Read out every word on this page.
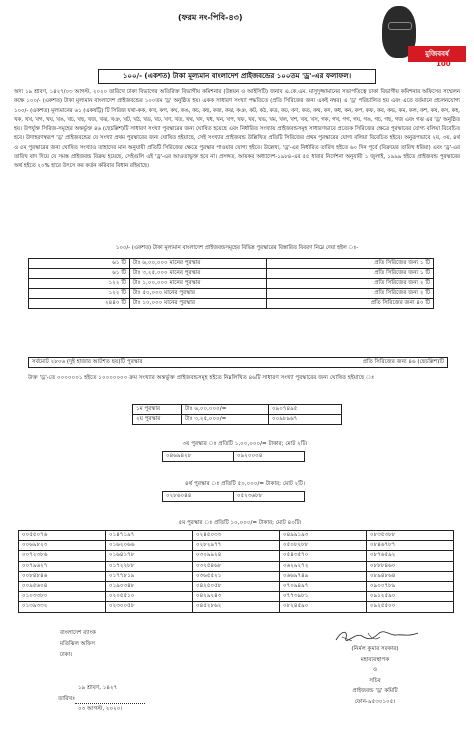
(ফরম নং-পিবি-৪৩)
মুজিববর্ষ
100
১০০/- (একশত) টাকা মূল্যমান বাংলাদেশ প্রাইজবন্ডের ১০০তম 'ড্র'-এর ফলাফল।
অদ্য ১৯ শ্রাবণ, ১৪২৭/০৩ আগস্ট, ২০২০ তারিখে ঢাকা বিভাগের অতিরিক্ত বিভাগীয় কমিশনার (উন্নয়ন ও আইসিটি) জনাব এ.কে.এম. মাসুদুজ্জামানের সভাপতিত্বে ঢাকা বিভাগীয় কমিশনার অফিসের সম্মেলন কক্ষে ১০০/- (একশত) টাকা মূল্যমান বাংলাদেশ প্রাইজবন্ডের ১০০তম 'ড্র' অনুষ্ঠিত হয়। একক সাধারণ সংখ্যা পদ্ধতিতে (প্রতি সিরিজের জন্য একই নম্বর) এ 'ড্র' পরিচালিত হয় এবং এতে বর্তমানে প্রচলনযোগ্য ১০০/- (একশত) মূল্যমানের ৬১ (একষট্টি) টি সিরিজ যথা-কক, কখ, কগ, কঘ, কঙ, কচ, কছ, কজ, কঝ, কঞ, কট, কঠ, কড, কঢ, কণ, কত, কথ, কদ, কধ, কন, কপ, কফ, কব, কভ, কম, কল, কশ, কষ, কস, কহ, খক, খখ, খগ, খঘ, খঙ, খচ, খছ, খজ, খঝ, খঞ, খট, খঠ, খড, খঢ, খণ, খত, খথ, খদ, খধ, খন, খপ, খফ, খব, খভ, খম, খল, খশ, খষ, খস, গক, গখ, গগ, গঘ, গঙ, গচ, গছ, গজ এবং গঝ এর 'ড্র' অনুষ্ঠিত হয়। উপর্যুক্ত সিরিজ-সমূহের অন্তর্ভুক্ত ৪৬ (ছেচল্লিশ)টি সাধারণ সংখ্যা পুরস্কারের জন্য ঘোষিত হয়েছে এবং নির্ধারিত সংখ্যায় প্রাইজবন্ডসমূহ সাধারণভাবে প্রত্যেক সিরিজের ক্ষেত্রে পুরস্কারের যোগ্য বলিয়া বিবেচিত হবে। উদাহরণস্বরূপ 'ড্র' প্রাইজবন্ডের যে সংখ্যা প্রথম পুরস্কারের জন্য ঘোষিত হইয়াছে, সেই সংখ্যার প্রাইজবন্ড উল্লিখিত প্রতিটি সিরিজের প্রথম পুরস্কারের যোগ্য বলিয়া বিবেচিত হইবে। অনুরূপভাবে ২য়, ৩য়, ৪র্থ ও ৫ম পুরস্কারের জন্য ঘোষিত সংখ্যাও তাহাদের মান অনুযায়ী প্রতিটি সিরিজের ক্ষেত্রে পুরস্কার পাওয়ার যোগ্য হইবে। উল্লেখ্য, 'ড্র'-এর নির্ধারিত তারিখ হইতে ৬০ দিন পূর্বে (বিক্রয়ের তারিখ ধরিয়া) এবং 'ড্র'-এর তারিখ বাদ দিয়ে যে সমস্ত প্রাইজবন্ড বিক্রয় হয়েছে, সেইগুলি এই 'ড্র'-এর আওতাভুক্ত হবে না। প্রসঙ্গত, আয়কর অধ্যাদেশ-১৯৮৪-এর ৫৫ ধারার নির্দেশনা অনুযায়ী ১ জুলাই, ১৯৯৯ হইতে প্রাইজবন্ড পুরস্কারের অর্থ হইতে ২০% হারে উৎসে কর কর্তন করিবার বিধান রহিয়াছে।
১০০/- (একশত) টাকা মূল্যমান বাংলাদেশ প্রাইজবন্ডসমূহের বিভিন্ন পুরস্কারের বিস্তারিত বিবরণ নিম্নে দেয়া হইল ঃ-
৬১ টি	টাঃ ৬,০০,০০০ মানের পুরস্কার	প্রতি সিরিজের জন্য ১ টি
৬১ টি	টাঃ ৩,২৫,০০০ মানের পুরস্কার	প্রতি সিরিজের জন্য ১ টি
১২২ টি	টাঃ ১,০০,০০০ মানের পুরস্কার	প্রতি সিরিজের জন্য ২ টি
১২২ টি	টাঃ ৫০,০০০ মানের পুরস্কার	প্রতি সিরিজের জন্য ২ টি
২৪৪০ টি	টাঃ ১০,০০০ মানের পুরস্কার	প্রতি সিরিজের জন্য ৪০ টি
সর্বমোট ২৮০৬ (দুই হাজার আটশত ছয়)টি পুরস্কার	প্রতি সিরিজের জন্য ৪৬ (ছেচল্লিশ)টি
উক্ত 'ড্র'-তে ০০০০০০১ হইতে ১০০০০০০০ ক্রম সংখ্যার অন্তর্ভুক্ত প্রাইজবন্ডসমূহ হইতে নিম্নলিখিত ৪৬টি সাধারণ সংখ্যা পুরস্কারের জন্য ঘোষিত হইয়াছে ঃ
১ম পুরস্কার	টাঃ ৬,০০,০০০/=	০৯০৭৪৯৫
২য় পুরস্কার	টাঃ ৩,২৫,০০০/=	০০৯৮৯৬৭
৩য় পুরস্কার ঃ প্রতিটি ১,০০,০০০/= টাকার; মোট ২টি।
০৪৬৯৪২৮	০৯২০০০৪
৪র্থ পুরস্কার ঃ প্রতিটি ৫০,০০০/= টাকার; মোট ২টি।
০২৮৬০৪৪	০৫২৩৬৮৮
৫ম পুরস্কার ঃ প্রতিটি ১০,০০০/= টাকার; মোট ৪০টি।
০০৫৫০৭৬	০১৪৭১৯৭	০২৪৫০৩৩	০৪৯৯১৯৩	০৮৩৫৩৮৮
০০৬৯৮২৩	০১৬২০৬৬	০২৮২৯৭৭	০৫০৮২৮৮	০৮৪৬৭৮৭
০০৭২৩৮৬	০১৬৪১৭৮	০৩০৯৯২৪	০৫৪৩৫৭০	০৮৭৬৫৯২
০০৭৯৬২৭	০১৭২২৮৮	০৩২৫৪৬৮	০৬২৯২৭২	০৮৮৮৪৬০
০০৮৪৮৪৬	০১৭৭৮১৯	০৩৬৫৫২১	০৬৬৯৭৪৯	০৮৯৪৮৬৪
০০৯৫৬০৪	০১৯০৩৪৮	০৪২৫০৫৮	০৭০৯৪৯৭	০৯০০৭৮৯
০১০৩৩৮০	০২০৫৫১০	০৪২৯২৪৩	০৭৭৩৯৮১	০৯১২৫৯০
০১৩৯৩৩২	০২৩০০৫৮	০৪৫২৮৬২	০৮২৪৫৯০	০৯২৫৫০০
বাংলাদেশ ব্যাংক
মতিঝিল অফিস
ঢাকা।
১৯ শ্রাবণ, ১৪২৭
তারিখঃ
০৩ আগস্ট, ২০২০।
(নির্মল কুমার সরকার)
মহাব্যবস্থাপক
ও
সচিব
প্রাইজবন্ড 'ড্র' কমিটি
ফোন-৯৫৩০১০৫।
